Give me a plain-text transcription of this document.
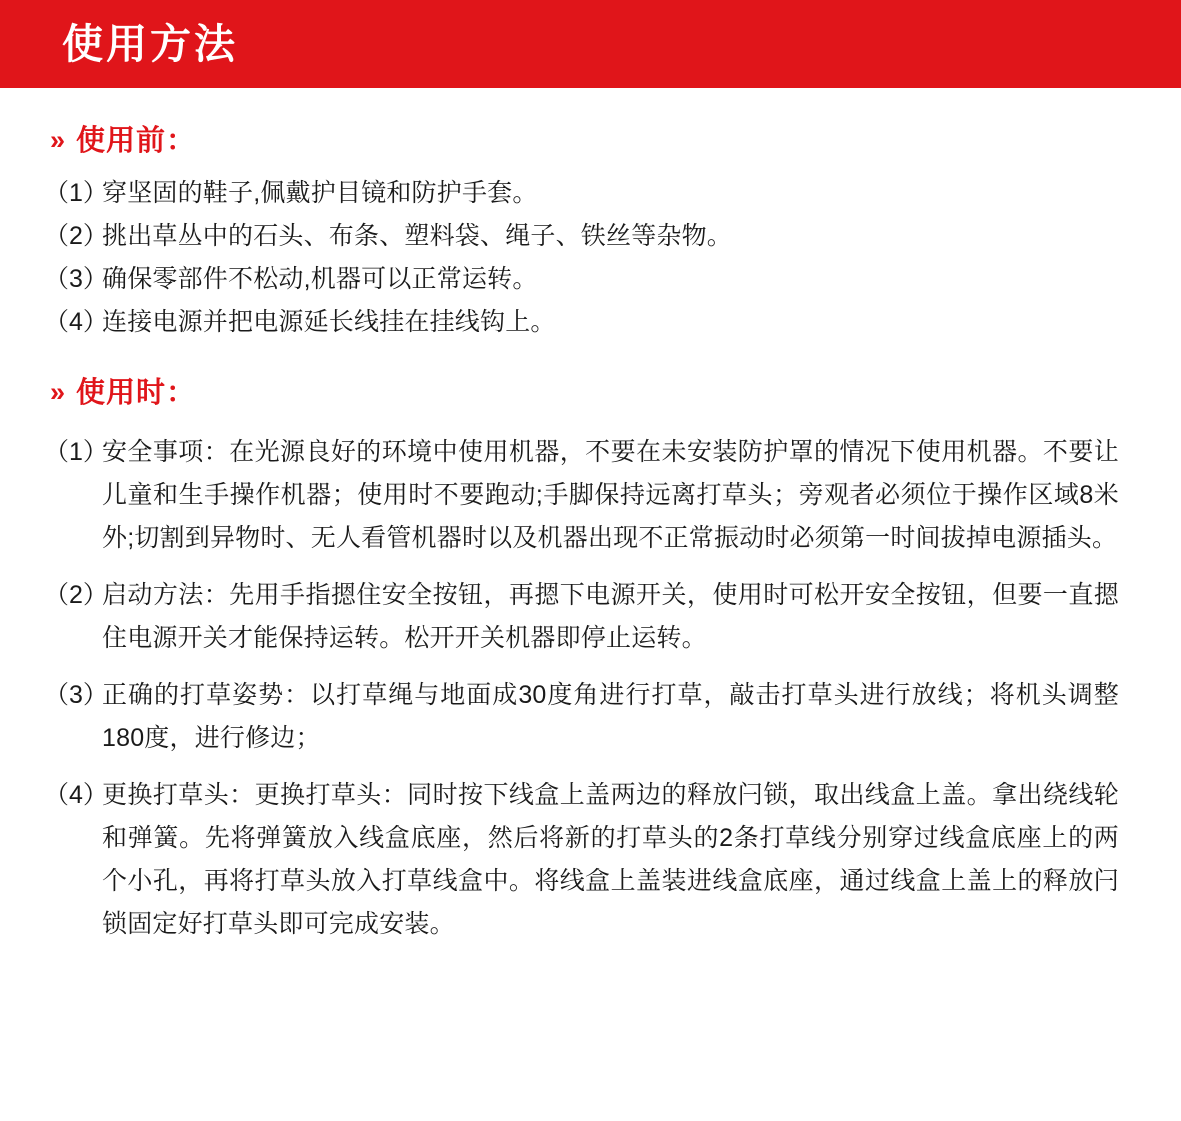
使用方法
» 使用前：
（1）
穿坚固的鞋子,佩戴护目镜和防护手套。
（2）
挑出草丛中的石头、布条、塑料袋、绳子、铁丝等杂物。
（3）
确保零部件不松动,机器可以正常运转。
（4）
连接电源并把电源延长线挂在挂线钩上。
» 使用时：
（1）
安全事项：在光源良好的环境中使用机器，不要在未安装防护罩的情况下使用机器。不要让儿童和生手操作机器；使用时不要跑动;手脚保持远离打草头；旁观者必须位于操作区域8米外;切割到异物时、无人看管机器时以及机器出现不正常振动时必须第一时间拔掉电源插头。
（2）
启动方法：先用手指摁住安全按钮，再摁下电源开关，使用时可松开安全按钮，但要一直摁住电源开关才能保持运转。松开开关机器即停止运转。
（3）
正确的打草姿势：以打草绳与地面成30度角进行打草，敲击打草头进行放线；将机头调整180度，进行修边；
（4）
更换打草头：更换打草头：同时按下线盒上盖两边的释放闩锁，取出线盒上盖。拿出绕线轮和弹簧。先将弹簧放入线盒底座，然后将新的打草头的2条打草线分别穿过线盒底座上的两个小孔，再将打草头放入打草线盒中。将线盒上盖装进线盒底座，通过线盒上盖上的释放闩锁固定好打草头即可完成安装。
